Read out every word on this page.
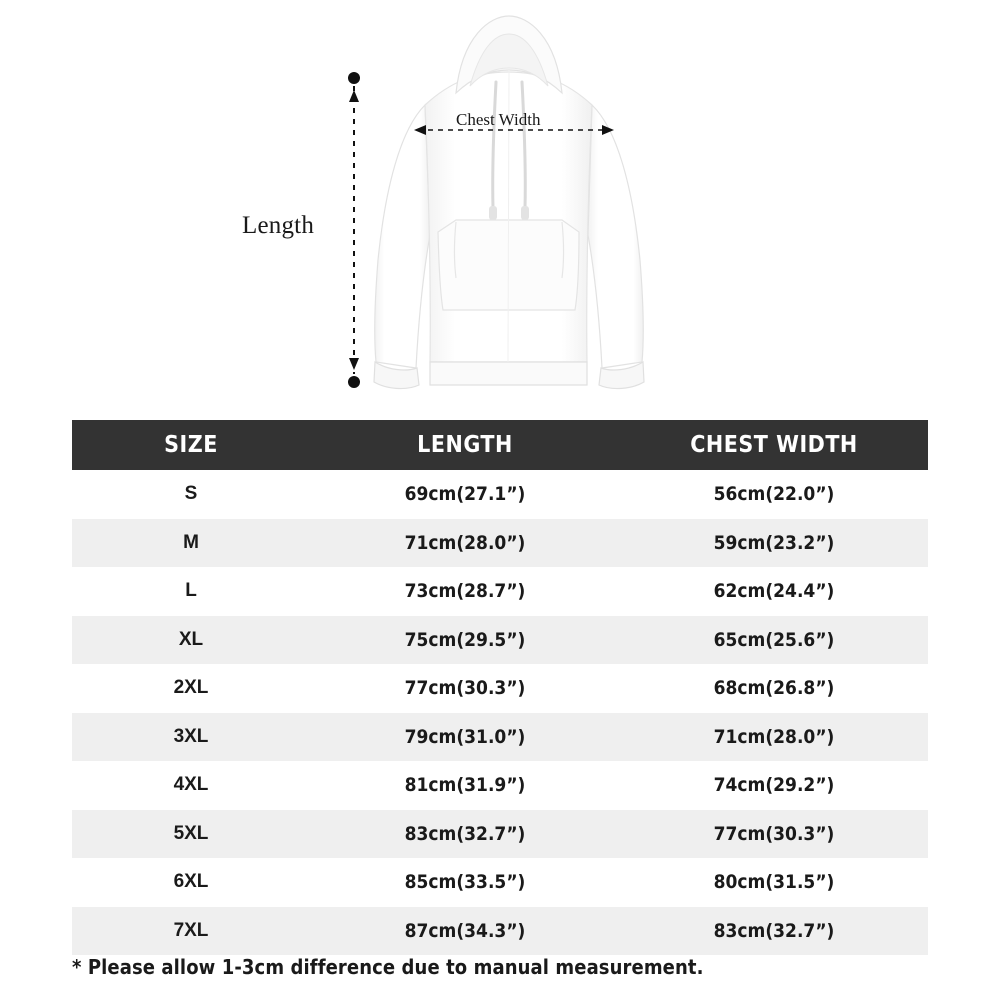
Length
Chest Width
SIZE	LENGTH	CHEST WIDTH
S	69cm(27.1”)	56cm(22.0”)
M	71cm(28.0”)	59cm(23.2”)
L	73cm(28.7”)	62cm(24.4”)
XL	75cm(29.5”)	65cm(25.6”)
2XL	77cm(30.3”)	68cm(26.8”)
3XL	79cm(31.0”)	71cm(28.0”)
4XL	81cm(31.9”)	74cm(29.2”)
5XL	83cm(32.7”)	77cm(30.3”)
6XL	85cm(33.5”)	80cm(31.5”)
7XL	87cm(34.3”)	83cm(32.7”)
* Please allow 1-3cm difference due to manual measurement.
